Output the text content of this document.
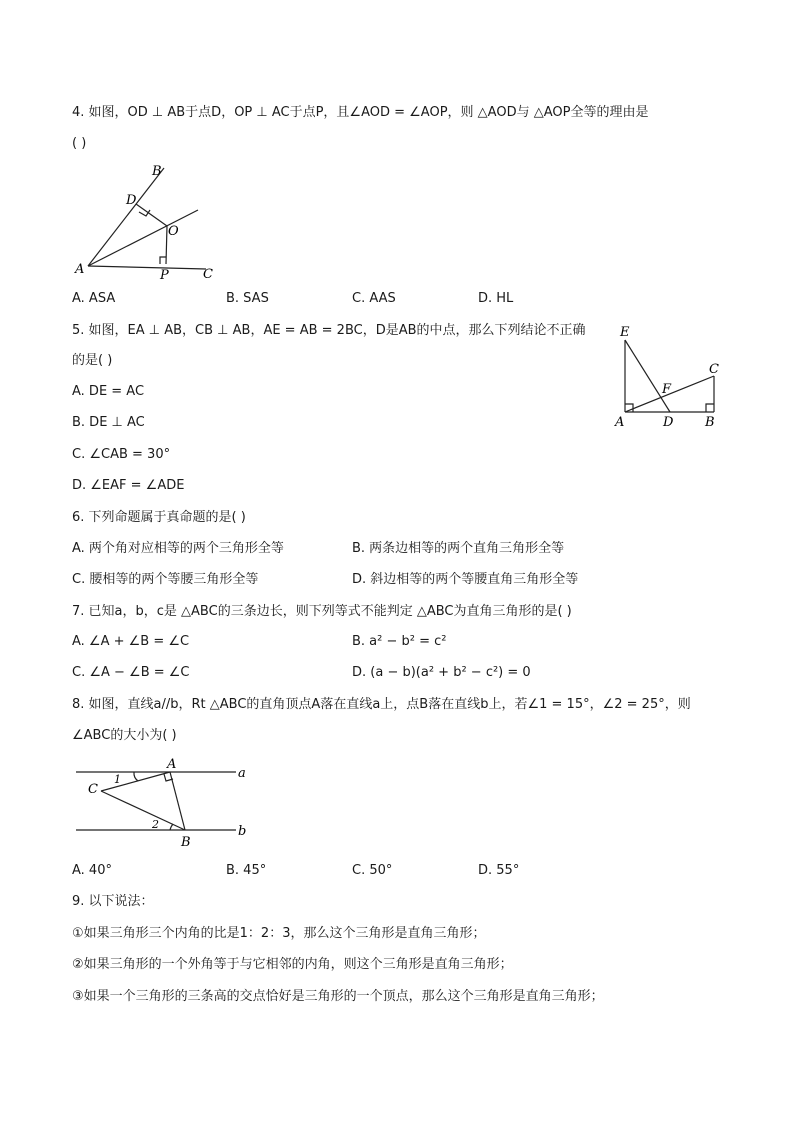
4. 如图，OD ⊥ AB于点D，OP ⊥ AC于点P，且∠AOD = ∠AOP，则 △AOD与 △AOP全等的理由是
( )
B
D
O
A	P	C
A. ASA	B. SAS	C. AAS	D. HL
5. 如图，EA ⊥ AB，CB ⊥ AB，AE = AB = 2BC，D是AB的中点，那么下列结论不正确
的是( )
E
C
F
A	D B
A. DE = AC
B. DE ⊥ AC
C. ∠CAB = 30°
D. ∠EAF = ∠ADE
6. 下列命题属于真命题的是( )
A. 两个角对应相等的两个三角形全等	B. 两条边相等的两个直角三角形全等
C. 腰相等的两个等腰三角形全等	D. 斜边相等的两个等腰直角三角形全等
7. 已知a，b，c是 △ABC的三条边长，则下列等式不能判定 △ABC为直角三角形的是( )
A. ∠A + ∠B = ∠C	B. a² − b² = c²
C. ∠A − ∠B = ∠C	D. (a − b)(a² + b² − c²) = 0
8. 如图，直线a//b，Rt △ABC的直角顶点A落在直线a上，点B落在直线b上，若∠1 = 15°，∠2 = 25°，则
∠ABC的大小为( )
A
a
1
C
2	b
B
A. 40°	B. 45°	C. 50°	D. 55°
9. 以下说法：
①如果三角形三个内角的比是1：2：3，那么这个三角形是直角三角形；
②如果三角形的一个外角等于与它相邻的内角，则这个三角形是直角三角形；
③如果一个三角形的三条高的交点恰好是三角形的一个顶点，那么这个三角形是直角三角形；
